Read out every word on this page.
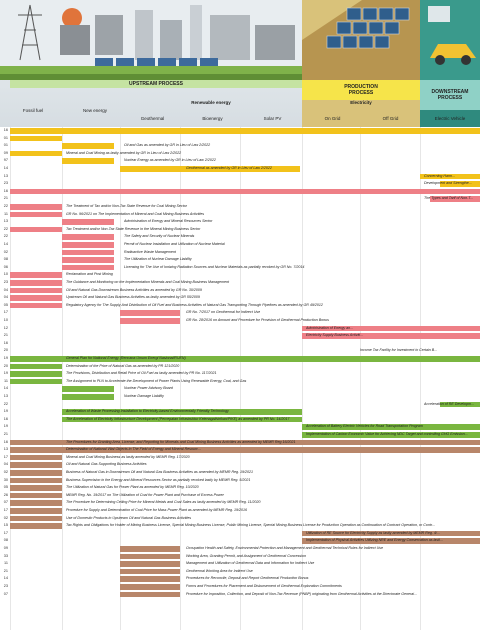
UPSTREAM PROCESS	PRODUCTION PROCESS	DOWNSTREAM PROCESS
Renewable energy	Electricity
Fossil fuel	New energy
Geothermal	Bioenergy	Solar PV	On Grid	Off Grid	Electric Vehicle
16
01
01	Oil and Gas as amended by GR in Lieu of Law 2/2022
09	Mineral and Coal Mining as lastly amended by GR in Lieu of Law 2/2022
97	Nuclear Energy as amended by GR in Lieu of Law 2/2022
14	Geothermal as amended by GR in Lieu of Law 2/2022
13	Concerning Harm...
23	Development and Strengthe...
16
21	The Types and Tarif of Non-T...
22	The Treatment of Tax and/or Non-Tax State Revenue for Coal Mining Sector
11	GR No. 96/2021 on The Implementation of Mineral and Coal Mining Business Activities
13	Administration of Energy and Mineral Resources Sector
22	Tax Treatment and/or Non-Tax State Revenue in the Mineral Mining Business Sector
22	The Safety and Security of Nuclear Minerals
14	Permit of Nuclear Installation and Utilization of Nuclear Material
02	Radioactive Waste Management
08	The Utilization of Nuclear Damage Liability
06	Licensing for The Use of Ionizing Radiation Sources and Nuclear Materials as partially revoked by GR No. 7/2014
10	Reclamation and Post Mining
23	The Guidance and Monitoring on the Implementation Minerals and Coal Mining Business Management
04	Oil and Natural Gas Downstream Business Activities as amended by GR No. 30/2009
04	Upstream Oil and Natural Gas Business Activities as lastly amended by GR 55/2009
05	Regulatory Agency for The Supply And Distribution of Oil Fuel and Business Activities of Natural Gas Transporting Through Pipelines as amended by GR 49/2012
17	GR No. 7/2017 on Geothermal for Indirect Use
10	GR No. 28/2016 on Amount and Procedure for Provision of Geothermal Production Bonus
12	Administration of Energy an...
21	Electricity Supply Business Activiti...
16
20	Income Tax Facility for Investment in Certain B...
19	General Plan for National Energy (Rencana Umum Energi Nasional/RUEN)
20	Determination of the Price of Natural Gas as amended by PR 121/2020
19	The Provisions, Distribution and Retail Price of Oil Fuel as lastly amended by PR No. 117/2021
11	The Assignment to PLN to Accelerate the Development of Power Plants Using Renewable Energy, Coal, and Gas
14	Nuclear Power Advisory Board
13	Nuclear Damage Liability
22	Acceleration of RE Developm...
19	Acceleration of Waste Processing Installation to Electricity-based Environmentally Friendly Technology
16	The Acceleration of Electricity Infrastructure Development (Percepatan Infrastruktur Ketenagalistrikan/PIKE) as amended by PR No. 14/2017
19	Acceleration of Battery Electric Vehicles for Road Transportation Program
21	Implementation of Carbon Economic Value for Achieving NDC Target and controlling GHG Emission...
16	The Procedures for Granting Area, License, and Reporting for Minerals and Coal Mining Business Activities as amended by MEMR Reg 16/2021
13	Determination of National Vital Objects in The Field of Energy and Mineral Resourc...
17	Mineral and Coal Mining Business as lastly amended by MEMR Reg. 17/2020
04	Oil and Natural Gas Supporting Business Activities
02	Business of Natural Gas in Downstream Oil and Natural Gas Business Activities as amended by MEMR Reg. 19/2021
30	Business Supervision in the Energy and Mineral Resources Sector as partially revoked lastly by MEMR Reg. 5/2021
05	The Utilization of Natural Gas for Power Plant as amended by MEMR Reg. 10/2020
26	MEMR Reg. No. 19/2017 on The Utilization of Coal for Power Plant and Purchase of Excess Power
07	The Procedure for Determining Ceiling Price for Mineral Metals and Coal Sales as lastly amended by MEMR Reg. 11/2020
17	Procedure for Supply and Determination of Coal Price for Mass Power Plant as amended by MEMR Reg. 19/2016
02	Use of Domestic Products in Upstream Oil and Natural Gas Business Activities
15	Tax Rights and Obligations for Holder of Mining Business License, Special Mining Business License, Public Mining License, Special Mining Business License for Production Operation as Continuation of Contract Operation, or Contr...
17	Utilization of RE Source for Electricity Supply as lastly amended by MEMR Reg. 4/...
08	Implementation of Physical Activities Utilizing NRE and Energy Conservation as lastl...
09	Occupation Health and Safety, Environmental Protection and Management and Geothermal Technical Rules for Indirect Use
33	Working Area, Granting Permit, and Assignment of Geothermal Concession
11	Management and Utilization of Geothermal Data and Information for Indirect Use
21	Geothermal Working Area for Indirect Use
14	Procedures for Reconcile, Deposit and Report Geothermal Production Bonus
23	Forms and Procedures for Placement and Disbursement of Geothermal Exploration Commitments
07	Procedure for Imposition, Collection, and Deposit of Non-Tax Revenue (PNBP) originating from Geothermal Activities at the Directorate Generai...
